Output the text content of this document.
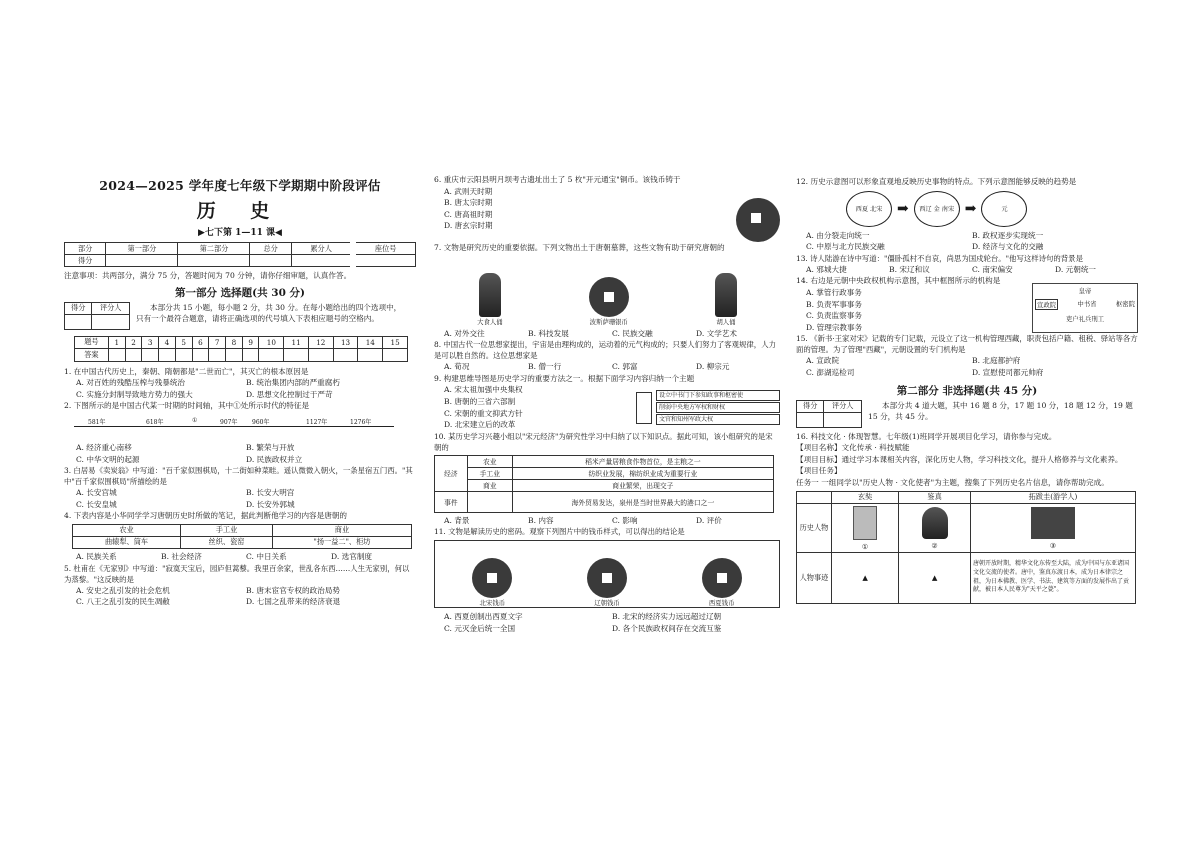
2024—2025 学年度七年级下学期期中阶段评估
历 史
▶七下第 1—11 课◀
部分	第一部分	第二部分	总分	累分人	座位号
得分					
注意事项：共两部分，满分 75 分，答题时间为 70 分钟，请你仔细审题，认真作答。
第一部分 选择题(共 30 分)
得分	评分人
		本部分共 15 小题，每小题 2 分，共 30 分。在每小题给出的四个选项中，
只有一个最符合题意，请将正确选项的代号填入下表相应题号的空格内。
题号	1	2	3	4	5	6	7	8	9	10	11	12	13	14	15
答案															
1. 在中国古代历史上，秦朝、隋朝都是"二世而亡"，其灭亡的根本原因是
A. 对百姓的残酷压榨与残暴统治	B. 统治集团内部的严重腐朽
C. 实施分封制导致地方势力的强大	D. 思想文化控制过于严苛
2. 下图所示的是中国古代某一时期的时间轴，其中①处所示时代的特征是
581年	618年	①	907年 960年	1127年	1276年
A. 经济重心南移	B. 繁荣与开放
C. 中华文明的起源	D. 民族政权并立
3. 白居易《卖炭翁》中写道："百千家似围棋局，十二街如种菜畦。遥认微微入朝火，一条星宿五门西。"其中"百千家似围棋局"所描绘的是
A. 长安宫城	B. 长安大明宫
C. 长安皇城	D. 长安外郭城
4. 下表内容是小华同学学习唐朝历史时所做的笔记，据此判断他学习的内容是唐朝的
农业	手工业	商业
曲辕犁、筒车	丝织、瓷窑	"扬一益二"、柜坊
A. 民族关系	B. 社会经济	C. 中日关系	D. 选官制度
5. 杜甫在《无家别》中写道："寂寞天宝后，园庐但蒿藜。我里百余家，世乱各东西……人生无家别，何以为蒸黎。"这反映的是
A. 安史之乱引发的社会危机	B. 唐末宦官专权的政治局势
C. 八王之乱引发的民生凋敝	D. 七国之乱带来的经济衰退
6. 重庆市云阳县明月坝考古遗址出土了 5 枚"开元通宝"铜币。该钱币铸于
A. 武则天时期
B. 唐太宗时期
C. 唐高祖时期
D. 唐玄宗时期
7. 文物是研究历史的重要依据。下列文物出土于唐朝墓葬，这些文物有助于研究唐朝的
大食人俑	波斯萨珊银币	胡人俑
A. 对外交往	B. 科技发展	C. 民族交融	D. 文学艺术
8. 中国古代一位思想家提出，宇宙是由理构成的，运动着的元气构成的；只要人们努力了客观规律，人力是可以胜自然的。这位思想家是
A. 荀况	B. 僧一行	C. 郭富	D. 柳宗元
9. 构建思维导图是历史学习的重要方法之一。根据下面学习内容归纳一个主题
A. 宋太祖加强中央集权
B. 唐朝的三省六部制
C. 宋朝的重文抑武方针
D. 北宋建立后的改革
设立中书门下参知政事和枢密使
削弱中央地方军权和财权
文官和知州军政大权
10. 某历史学习兴趣小组以"宋元经济"为研究性学习中归纳了以下知识点。据此可知，该小组研究的是宋朝的
经济	农业	稻米产量居粮食作物首位，是主粮之一
	手工业	纺织业发展，棉纺织业成为重要行业
	商业	商业繁荣，出现交子
事件		海外贸易发达，泉州是当时世界最大的港口之一
A. 背景	B. 内容	C. 影响	D. 评价
11. 文物是解读历史的密码。观察下列图片中的钱币样式，可以得出的结论是
北宋钱币	辽朝钱币	西夏钱币
A. 西夏创制出西夏文字	B. 北宋的经济实力远远超过辽朝
C. 元灭金后统一全国	D. 各个民族政权间存在交流互鉴
12. 历史示意图可以形象直观地反映历史事物的特点。下列示意图能够反映的趋势是
西夏 北宋	➡	西辽 金 南宋 ➡	元
A. 由分裂走向统一	B. 政权逐步实现统一
C. 中原与北方民族交融	D. 经济与文化的交融
13. 诗人陆游在诗中写道："僵卧孤村不自哀，尚思为国戍轮台。"他写这样诗句的背景是
A. 邪城大捷	B. 宋辽和议	C. 南宋偏安	D. 元朝统一
14. 右边是元朝中央政权机构示意图，其中框图所示的机构是
A. 掌管行政事务
B. 负责军事事务
C. 负责监察事务
D. 管理宗教事务
皇帝
宣政院	中书省	枢密院
吏户礼兵刑工
15. 《新书·王家对宋》记载的专门记载，元设立了这一机构管理西藏，职责包括户籍、租税、驿站等各方面的管理。为了管理"西藏"，元朝设置的专门机构是
A. 宣政院	B. 北庭都护府
C. 澎湖巡检司	D. 宣慰使司都元帅府
第二部分 非选择题(共 45 分)
得分	评分人
		本部分共 4 道大题，其中 16 题 8 分，17 题 10 分，18 题 12 分，19 题
15 分，共 45 分。
16. 科技文化 · 体现智慧。七年级(1)班同学开展项目化学习，请你参与完成。
【项目名称】文化传承 · 科技赋能
【项目目标】通过学习本课相关内容，深化历史人物，学习科技文化，提升人格修养与文化素养。
【项目任务】
任务一 一组同学以"历史人物 · 文化使者"为主题，搜集了下列历史名片信息，请你帮助完成。
	玄奘	鉴真	拓跋圭(游学人)
历史人物	①	②	③

人物事迹	▲	▲	唐朝开放时期，精华文化东传至大陆，成为中国与东亚诸国文化交流的使者。唐中，鉴真东渡日本，成为日本律宗之祖，为日本佛教、医学、书法、建筑等方面的发展作出了贡献，被日本人民尊为"天平之甍"。
